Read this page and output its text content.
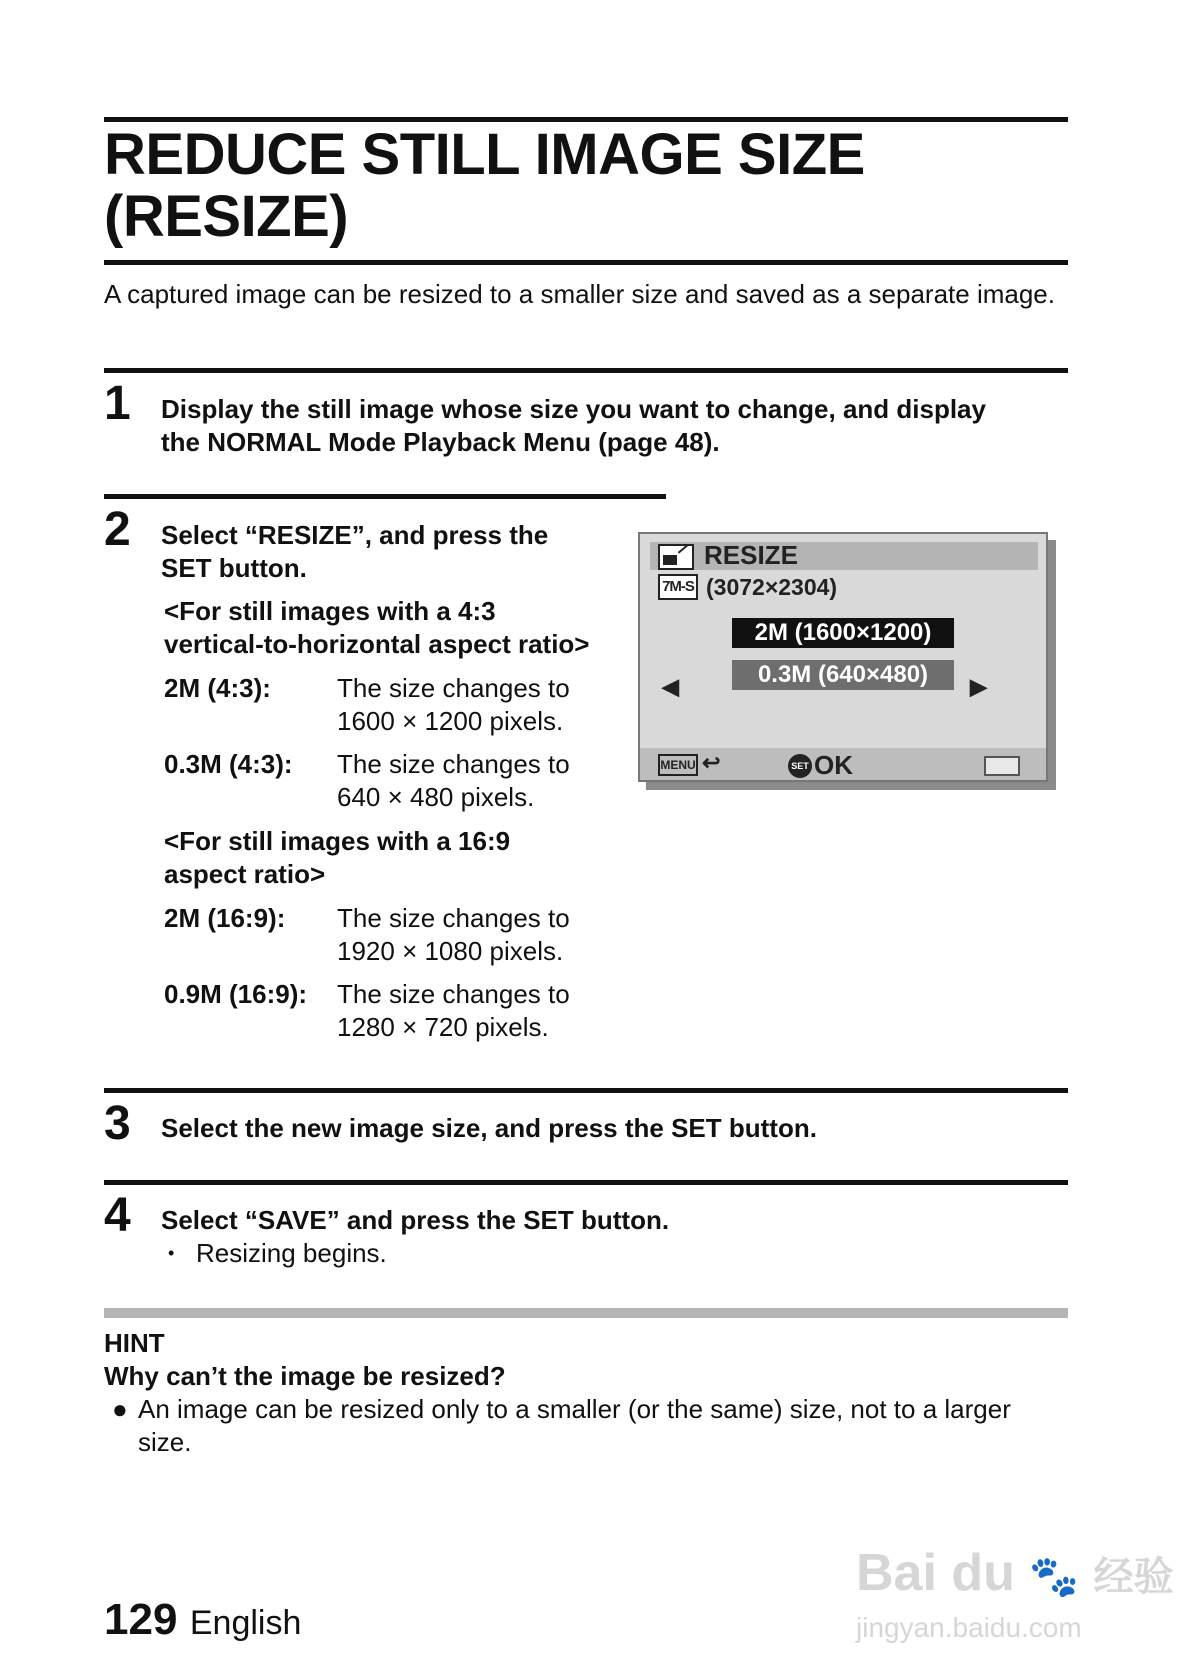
REDUCE STILL IMAGE SIZE
(RESIZE)
A captured image can be resized to a smaller size and saved as a separate image.
1 Display the still image whose size you want to change, and display
the NORMAL Mode Playback Menu (page 48).
2 Select “RESIZE”, and press the
SET button.
<For still images with a 4:3
vertical-to-horizontal aspect ratio>
2M (4:3):	The size changes to
1600 × 1200 pixels.
0.3M (4:3): The size changes to
640 × 480 pixels.
<For still images with a 16:9
aspect ratio>
2M (16:9): The size changes to
1920 × 1080 pixels.
0.9M (16:9): The size changes to
1280 × 720 pixels.
RESIZE
7M-S (3072×2304)
2M (1600×1200)
0.3M (640×480)
◀	▶
MENU ↩	SET OK
3 Select the new image size, and press the SET button.
4 Select “SAVE” and press the SET button.
• Resizing begins.
HINT
Why can’t the image be resized?
● An image can be resized only to a smaller (or the same) size, not to a larger size.
129 English
Bai du 🐾 经验
jingyan.baidu.com
